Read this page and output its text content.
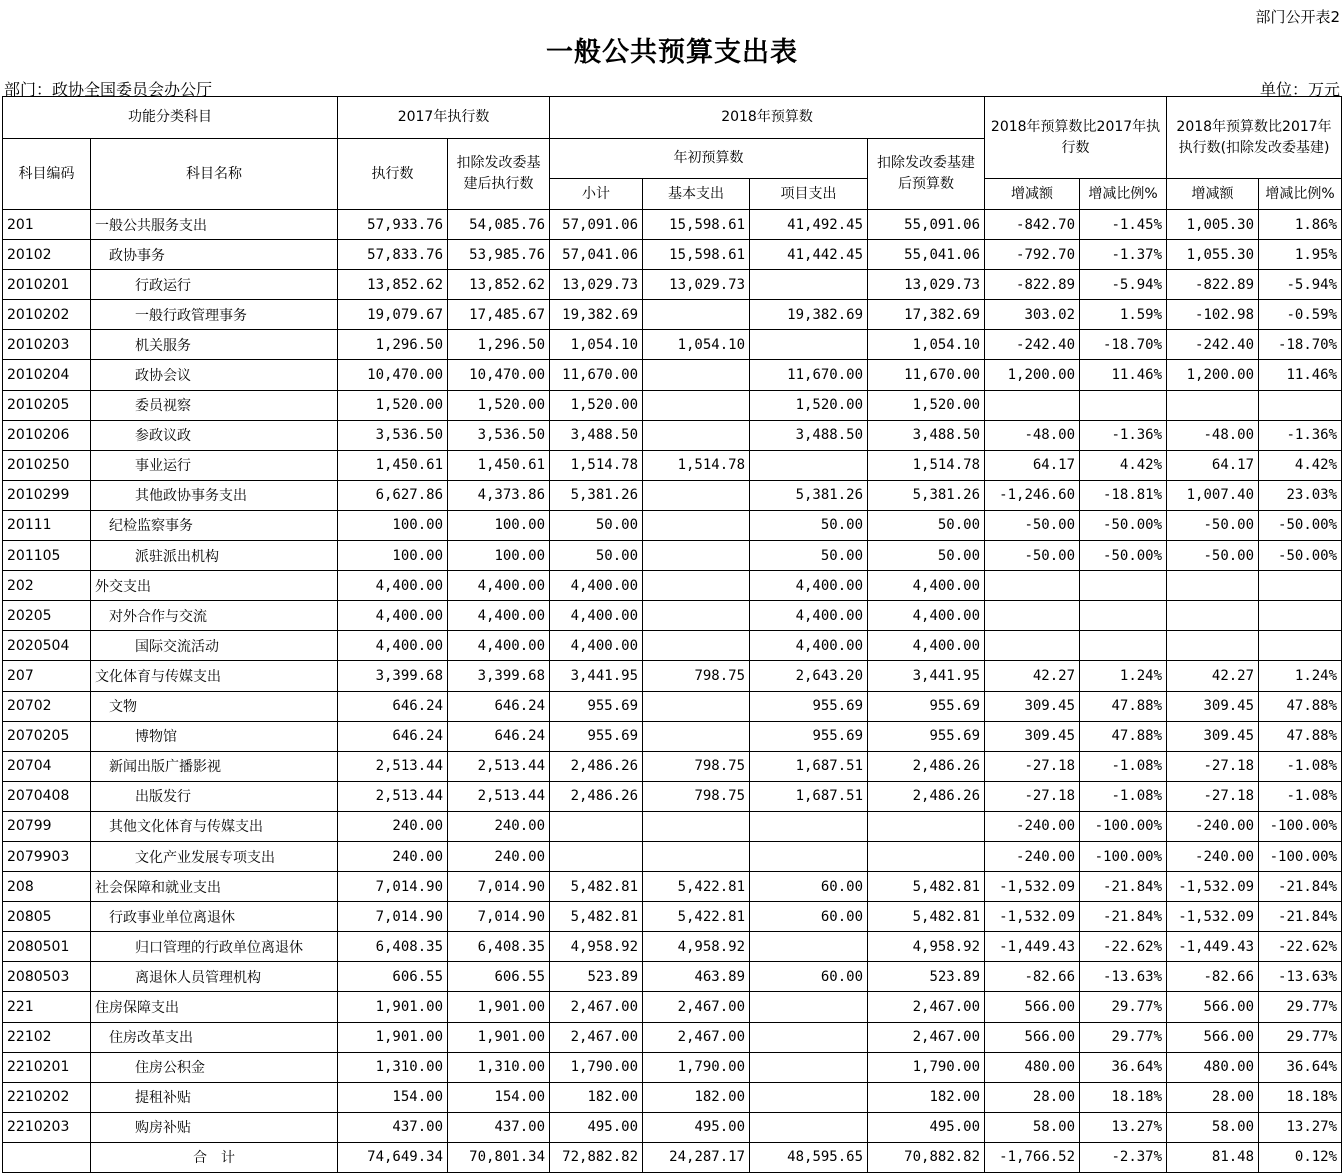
部门公开表2
一般公共预算支出表
部门：政协全国委员会办公厅	单位：万元
功能分类科目		2017年执行数		2018年预算数				2018年预算数比2017年执行数		2018年预算数比2017年执行数(扣除发改委基建)	
科目编码	科目名称	执行数	扣除发改委基建后执行数	年初预算数			扣除发改委基建后预算数				
				小计	基本支出	项目支出		增减额	增减比例%	增减额	增减比例%
201	一般公共服务支出	57,933.76	54,085.76	57,091.06	15,598.61	41,492.45	55,091.06	-842.70	-1.45%	1,005.30	1.86%
20102	政协事务	57,833.76	53,985.76	57,041.06	15,598.61	41,442.45	55,041.06	-792.70	-1.37%	1,055.30	1.95%
2010201	行政运行	13,852.62	13,852.62	13,029.73	13,029.73		13,029.73	-822.89	-5.94%	-822.89	-5.94%
2010202	一般行政管理事务	19,079.67	17,485.67	19,382.69		19,382.69	17,382.69	303.02	1.59%	-102.98	-0.59%
2010203	机关服务	1,296.50	1,296.50	1,054.10	1,054.10		1,054.10	-242.40	-18.70%	-242.40	-18.70%
2010204	政协会议	10,470.00	10,470.00	11,670.00		11,670.00	11,670.00	1,200.00	11.46%	1,200.00	11.46%
2010205	委员视察	1,520.00	1,520.00	1,520.00		1,520.00	1,520.00				
2010206	参政议政	3,536.50	3,536.50	3,488.50		3,488.50	3,488.50	-48.00	-1.36%	-48.00	-1.36%
2010250	事业运行	1,450.61	1,450.61	1,514.78	1,514.78		1,514.78	64.17	4.42%	64.17	4.42%
2010299	其他政协事务支出	6,627.86	4,373.86	5,381.26		5,381.26	5,381.26	-1,246.60	-18.81%	1,007.40	23.03%
20111	纪检监察事务	100.00	100.00	50.00		50.00	50.00	-50.00	-50.00%	-50.00	-50.00%
201105	派驻派出机构	100.00	100.00	50.00		50.00	50.00	-50.00	-50.00%	-50.00	-50.00%
202	外交支出	4,400.00	4,400.00	4,400.00		4,400.00	4,400.00				
20205	对外合作与交流	4,400.00	4,400.00	4,400.00		4,400.00	4,400.00				
2020504	国际交流活动	4,400.00	4,400.00	4,400.00		4,400.00	4,400.00				
207	文化体育与传媒支出	3,399.68	3,399.68	3,441.95	798.75	2,643.20	3,441.95	42.27	1.24%	42.27	1.24%
20702	文物	646.24	646.24	955.69		955.69	955.69	309.45	47.88%	309.45	47.88%
2070205	博物馆	646.24	646.24	955.69		955.69	955.69	309.45	47.88%	309.45	47.88%
20704	新闻出版广播影视	2,513.44	2,513.44	2,486.26	798.75	1,687.51	2,486.26	-27.18	-1.08%	-27.18	-1.08%
2070408	出版发行	2,513.44	2,513.44	2,486.26	798.75	1,687.51	2,486.26	-27.18	-1.08%	-27.18	-1.08%
20799	其他文化体育与传媒支出	240.00	240.00					-240.00	-100.00%	-240.00	-100.00%
2079903	文化产业发展专项支出	240.00	240.00					-240.00	-100.00%	-240.00	-100.00%
208	社会保障和就业支出	7,014.90	7,014.90	5,482.81	5,422.81	60.00	5,482.81	-1,532.09	-21.84%	-1,532.09	-21.84%
20805	行政事业单位离退休	7,014.90	7,014.90	5,482.81	5,422.81	60.00	5,482.81	-1,532.09	-21.84%	-1,532.09	-21.84%
2080501	归口管理的行政单位离退休	6,408.35	6,408.35	4,958.92	4,958.92		4,958.92	-1,449.43	-22.62%	-1,449.43	-22.62%
2080503	离退休人员管理机构	606.55	606.55	523.89	463.89	60.00	523.89	-82.66	-13.63%	-82.66	-13.63%
221	住房保障支出	1,901.00	1,901.00	2,467.00	2,467.00		2,467.00	566.00	29.77%	566.00	29.77%
22102	住房改革支出	1,901.00	1,901.00	2,467.00	2,467.00		2,467.00	566.00	29.77%	566.00	29.77%
2210201	住房公积金	1,310.00	1,310.00	1,790.00	1,790.00		1,790.00	480.00	36.64%	480.00	36.64%
2210202	提租补贴	154.00	154.00	182.00	182.00		182.00	28.00	18.18%	28.00	18.18%
2210203	购房补贴	437.00	437.00	495.00	495.00		495.00	58.00	13.27%	58.00	13.27%
	合　计	74,649.34	70,801.34	72,882.82	24,287.17	48,595.65	70,882.82	-1,766.52	-2.37%	81.48	0.12%
